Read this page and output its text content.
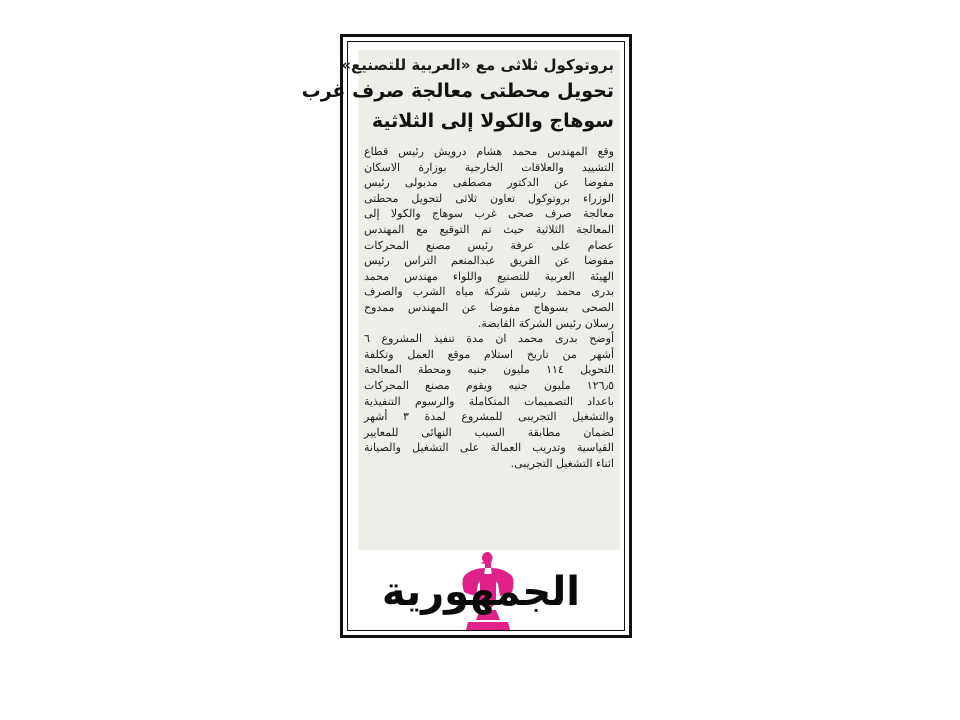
بروتوكول ثلاثى مع «العربية للتصنيع»
تحويل محطتى معالجة صرف غرب
سوهاج والكولا إلى الثلاثية
وقع المهندس محمد هشام درويش رئيس قطاع
التشييد والعلاقات الخارجية بوزارة الاسكان
مفوضا عن الدكتور مصطفى مدبولى رئيس
الوزراء بروتوكول تعاون ثلاثى لتحويل محطتى
معالجة صرف صحى غرب سوهاج والكولا إلى
المعالجة الثلاثية حيث تم التوقيع مع المهندس
عصام على عرفة رئيس مصنع المحركات
مفوضا عن الفريق عبدالمنعم التراس رئيس
الهيئة العربية للتصنيع واللواء مهندس محمد
بدرى محمد رئيس شركة مياه الشرب والصرف
الصحى بسوهاج مفوضا عن المهندس ممدوح
رسلان رئيس الشركة القابضة.
أوضح بدرى محمد ان مدة تنفيذ المشروع ٦
أشهر من تاريخ استلام موقع العمل وتكلفة
التحويل ١١٤ مليون جنيه ومحطة المعالجة
١٢٦٫٥ مليون جنيه ويقوم مصنع المحركات
باعداد التصميمات المتكاملة والرسوم التنفيذية
والتشغيل التجريبى للمشروع لمدة ٣ أشهر
لضمان مطابقة السيب النهائى للمعايير
القياسية وتدريب العمالة على التشغيل والصيانة
اثناء التشغيل التجريبى.
الجمهورية
